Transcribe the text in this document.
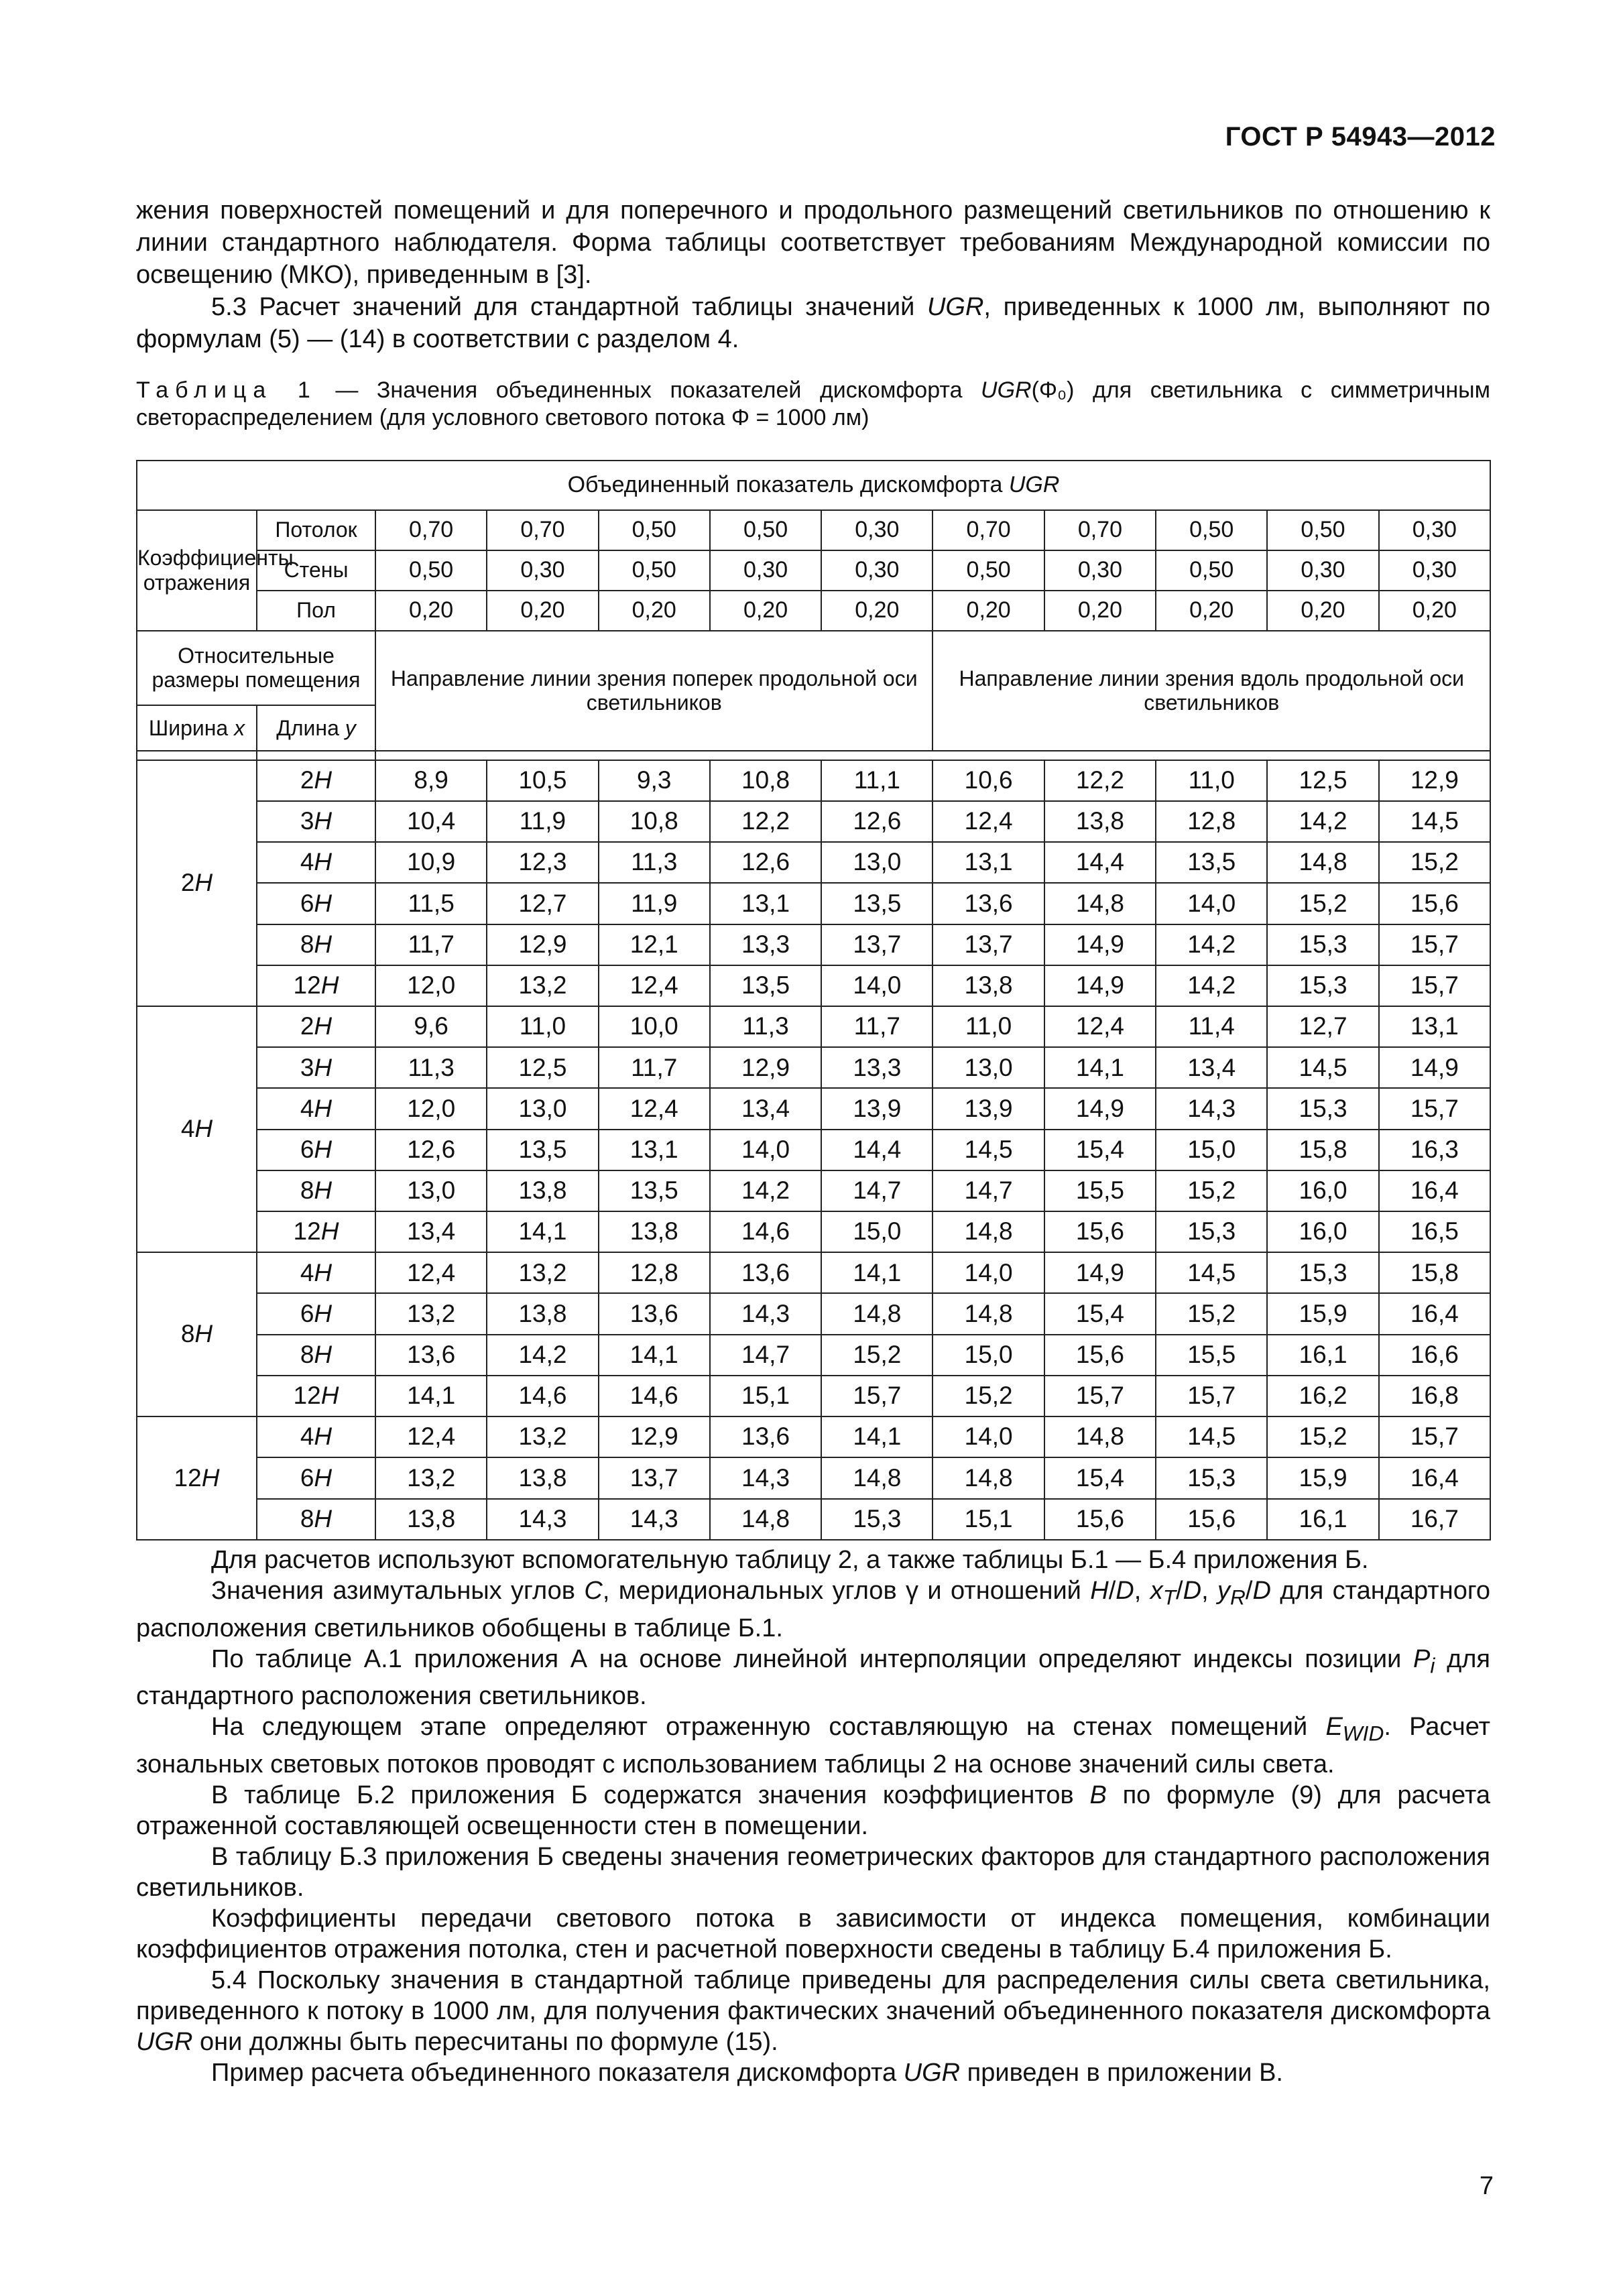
ГОСТ Р 54943—2012

жения поверхностей помещений и для поперечного и продольного размещений светильников по отношению к линии стандартного наблюдателя. Форма таблицы соответствует требованиям Международной комиссии по освещению (МКО), приведенным в [3].

5.3 Расчет значений для стандартной таблицы значений UGR, приведенных к 1000 лм, выполняют по формулам (5) — (14) в соответствии с разделом 4.

Таблица 1 — Значения объединенных показателей дискомфорта UGR(Φ₀) для светильника с симметричным светораспределением (для условного светового потока Φ = 1000 лм)
Объединенный показатель дискомфорта UGR											
Коэффициенты отражения	Потолок	0,70	0,70	0,50	0,50	0,30	0,70	0,70	0,50	0,50	0,30
	Стены	0,50	0,30	0,50	0,30	0,30	0,50	0,30	0,50	0,30	0,30
	Пол	0,20	0,20	0,20	0,20	0,20	0,20	0,20	0,20	0,20	0,20
Относительные размеры помещения		Направление линии зрения поперек продольной оси светильников					Направление линии зрения вдоль продольной оси светильников				
Ширина x	Длина y										

2H	2H	8,9	10,5	9,3	10,8	11,1	10,6	12,2	11,0	12,5	12,9
	3H	10,4	11,9	10,8	12,2	12,6	12,4	13,8	12,8	14,2	14,5
	4H	10,9	12,3	11,3	12,6	13,0	13,1	14,4	13,5	14,8	15,2
	6H	11,5	12,7	11,9	13,1	13,5	13,6	14,8	14,0	15,2	15,6
	8H	11,7	12,9	12,1	13,3	13,7	13,7	14,9	14,2	15,3	15,7
	12H	12,0	13,2	12,4	13,5	14,0	13,8	14,9	14,2	15,3	15,7
4H	2H	9,6	11,0	10,0	11,3	11,7	11,0	12,4	11,4	12,7	13,1
	3H	11,3	12,5	11,7	12,9	13,3	13,0	14,1	13,4	14,5	14,9
	4H	12,0	13,0	12,4	13,4	13,9	13,9	14,9	14,3	15,3	15,7
	6H	12,6	13,5	13,1	14,0	14,4	14,5	15,4	15,0	15,8	16,3
	8H	13,0	13,8	13,5	14,2	14,7	14,7	15,5	15,2	16,0	16,4
	12H	13,4	14,1	13,8	14,6	15,0	14,8	15,6	15,3	16,0	16,5
8H	4H	12,4	13,2	12,8	13,6	14,1	14,0	14,9	14,5	15,3	15,8
	6H	13,2	13,8	13,6	14,3	14,8	14,8	15,4	15,2	15,9	16,4
	8H	13,6	14,2	14,1	14,7	15,2	15,0	15,6	15,5	16,1	16,6
	12H	14,1	14,6	14,6	15,1	15,7	15,2	15,7	15,7	16,2	16,8
12H	4H	12,4	13,2	12,9	13,6	14,1	14,0	14,8	14,5	15,2	15,7
	6H	13,2	13,8	13,7	14,3	14,8	14,8	15,4	15,3	15,9	16,4
	8H	13,8	14,3	14,3	14,8	15,3	15,1	15,6	15,6	16,1	16,7

Для расчетов используют вспомогательную таблицу 2, а также таблицы Б.1 — Б.4 приложения Б.

Значения азимутальных углов C, меридиональных углов γ и отношений H/D, $x_T/D$, $y_R/D$ для стандартного расположения светильников обобщены в таблице Б.1.

По таблице А.1 приложения А на основе линейной интерполяции определяют индексы позиции $P_i$ для стандартного расположения светильников.

На следующем этапе определяют отраженную составляющую на стенах помещений $E_{WID}$. Расчет зональных световых потоков проводят с использованием таблицы 2 на основе значений силы света.

В таблице Б.2 приложения Б содержатся значения коэффициентов B по формуле (9) для расчета отраженной составляющей освещенности стен в помещении.

В таблицу Б.3 приложения Б сведены значения геометрических факторов для стандартного расположения светильников.

Коэффициенты передачи светового потока в зависимости от индекса помещения, комбинации коэффициентов отражения потолка, стен и расчетной поверхности сведены в таблицу Б.4 приложения Б.

5.4 Поскольку значения в стандартной таблице приведены для распределения силы света светильника, приведенного к потоку в 1000 лм, для получения фактических значений объединенного показателя дискомфорта UGR они должны быть пересчитаны по формуле (15).

Пример расчета объединенного показателя дискомфорта UGR приведен в приложении В.

7
